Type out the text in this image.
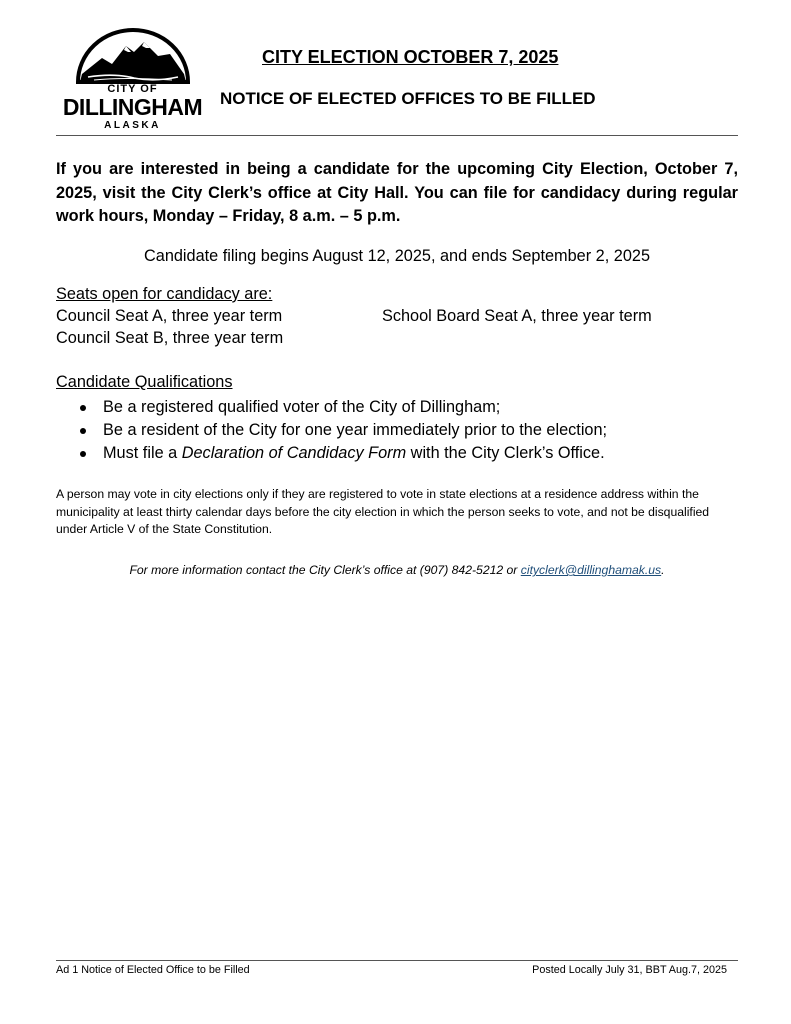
CITY OF
DILLINGHAM
ALASKA
CITY ELECTION OCTOBER 7, 2025
NOTICE OF ELECTED OFFICES TO BE FILLED
If you are interested in being a candidate for the upcoming City Election, October 7, 2025, visit the City Clerk’s office at City Hall. You can file for candidacy during regular work hours, Monday – Friday, 8 a.m. – 5 p.m.
Candidate filing begins August 12, 2025, and ends September 2, 2025
Seats open for candidacy are:
Council Seat A, three year term	School Board Seat A, three year term
Council Seat B, three year term
Candidate Qualifications
Be a registered qualified voter of the City of Dillingham;
Be a resident of the City for one year immediately prior to the election;
Must file a Declaration of Candidacy Form with the City Clerk’s Office.
A person may vote in city elections only if they are registered to vote in state elections at a residence address within the municipality at least thirty calendar days before the city election in which the person seeks to vote, and not be disqualified under Article V of the State Constitution.
For more information contact the City Clerk’s office at (907) 842-5212 or cityclerk@dillinghamak.us.
Ad 1 Notice of Elected Office to be Filled	Posted Locally July 31, BBT Aug.7, 2025
